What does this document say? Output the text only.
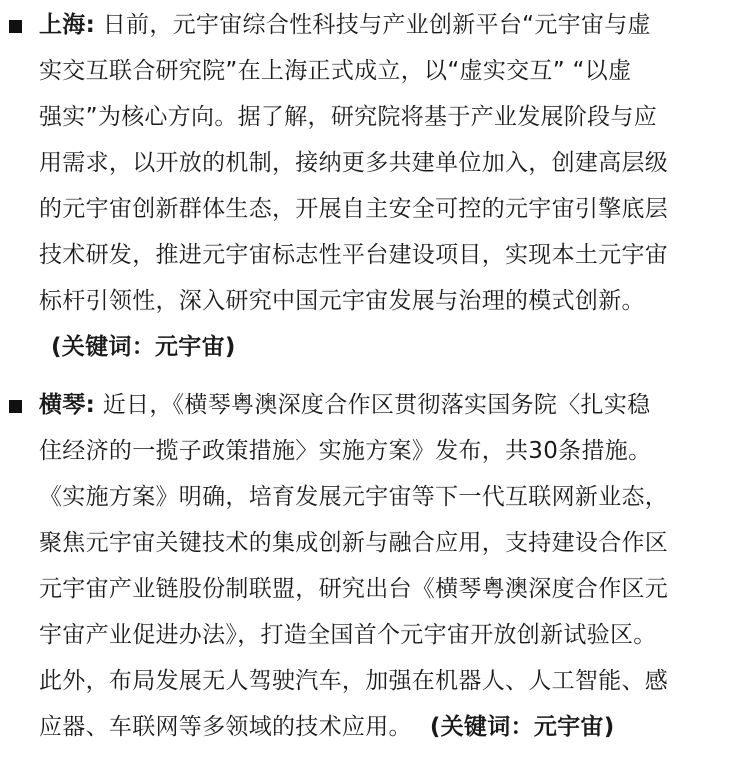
上海: 日前，元宇宙综合性科技与产业创新平台“元宇宙与虚
实交互联合研究院”在上海正式成立，以“虚实交互” “以虚
强实”为核心方向。据了解，研究院将基于产业发展阶段与应
用需求，以开放的机制，接纳更多共建单位加入，创建高层级
的元宇宙创新群体生态，开展自主安全可控的元宇宙引擎底层
技术研发，推进元宇宙标志性平台建设项目，实现本土元宇宙
标杆引领性，深入研究中国元宇宙发展与治理的模式创新。
(关键词：元宇宙)
横琴: 近日，《横琴粤澳深度合作区贯彻落实国务院〈扎实稳
住经济的一揽子政策措施〉实施方案》发布，共30条措施。
《实施方案》明确，培育发展元宇宙等下一代互联网新业态，
聚焦元宇宙关键技术的集成创新与融合应用，支持建设合作区
元宇宙产业链股份制联盟，研究出台《横琴粤澳深度合作区元
宇宙产业促进办法》，打造全国首个元宇宙开放创新试验区。
此外，布局发展无人驾驶汽车，加强在机器人、人工智能、感
应器、车联网等多领域的技术应用。 (关键词：元宇宙)
